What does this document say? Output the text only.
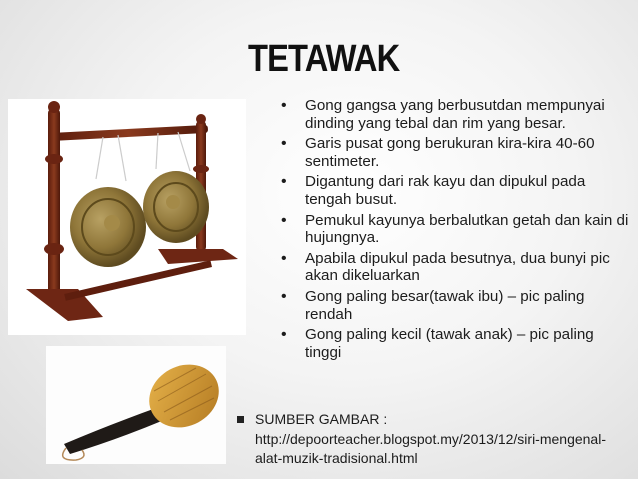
TETAWAK
• Gong gangsa yang berbusutdan mempunyai dinding yang tebal dan rim yang besar.
• Garis pusat gong berukuran kira-kira 40-60 sentimeter.
• Digantung dari rak kayu dan dipukul pada tengah busut.
• Pemukul kayunya berbalutkan getah dan kain di hujungnya.
• Apabila dipukul pada besutnya, dua bunyi pic akan dikeluarkan
• Gong paling besar(tawak ibu) – pic paling rendah
• Gong paling kecil (tawak anak) – pic paling tinggi
SUMBER GAMBAR :
http://depoorteacher.blogspot.my/2013/12/siri-mengenal-alat-muzik-tradisional.html
